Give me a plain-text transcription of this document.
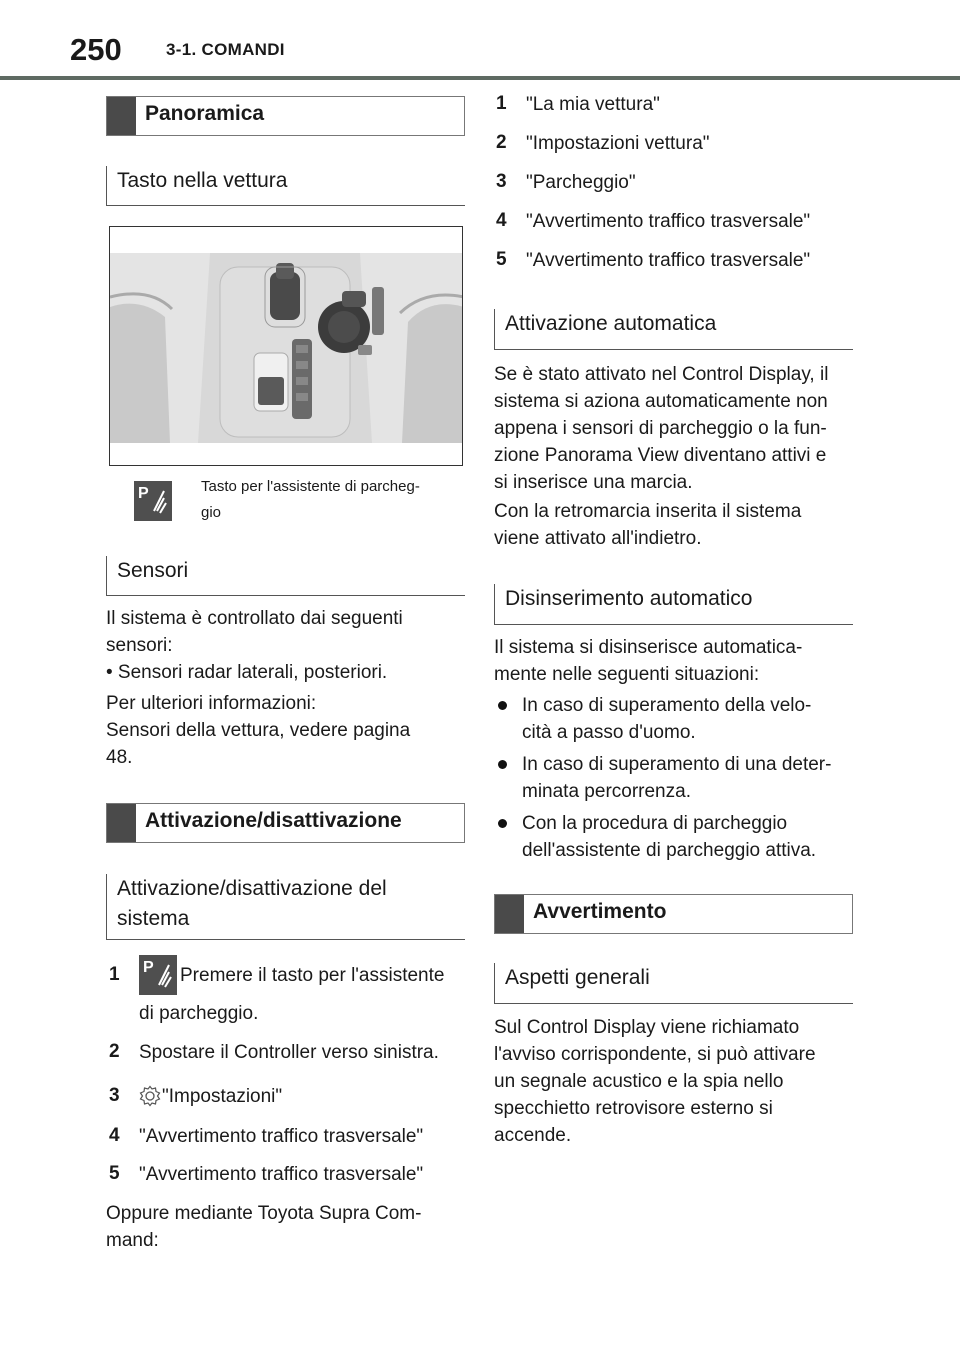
250	3-1. COMANDI
Panoramica
Tasto nella vettura
P	Tasto per l'assistente di parcheg-
gio
Sensori
Il sistema è controllato dai seguenti
sensori:
• Sensori radar laterali, posteriori.
Per ulteriori informazioni:
Sensori della vettura, vedere pagina
48.
Attivazione/disattivazione
Attivazione/disattivazione del
sistema
1 P Premere il tasto per l'assistente
di parcheggio.
2 Spostare il Controller verso sinistra.
3 "Impostazioni"
4 "Avvertimento traffico trasversale"
5 "Avvertimento traffico trasversale"
Oppure mediante Toyota Supra Com-
mand:
1 "La mia vettura"
2 "Impostazioni vettura"
3 "Parcheggio"
4 "Avvertimento traffico trasversale"
5 "Avvertimento traffico trasversale"
Attivazione automatica
Se è stato attivato nel Control Display, il
sistema si aziona automaticamente non
appena i sensori di parcheggio o la fun-
zione Panorama View diventano attivi e
si inserisce una marcia.
Con la retromarcia inserita il sistema
viene attivato all'indietro.
Disinserimento automatico
Il sistema si disinserisce automatica-
mente nelle seguenti situazioni:
In caso di superamento della velo-
cità a passo d'uomo.
In caso di superamento di una deter-
minata percorrenza.
Con la procedura di parcheggio
dell'assistente di parcheggio attiva.
Avvertimento
Aspetti generali
Sul Control Display viene richiamato
l'avviso corrispondente, si può attivare
un segnale acustico e la spia nello
specchietto retrovisore esterno si
accende.
